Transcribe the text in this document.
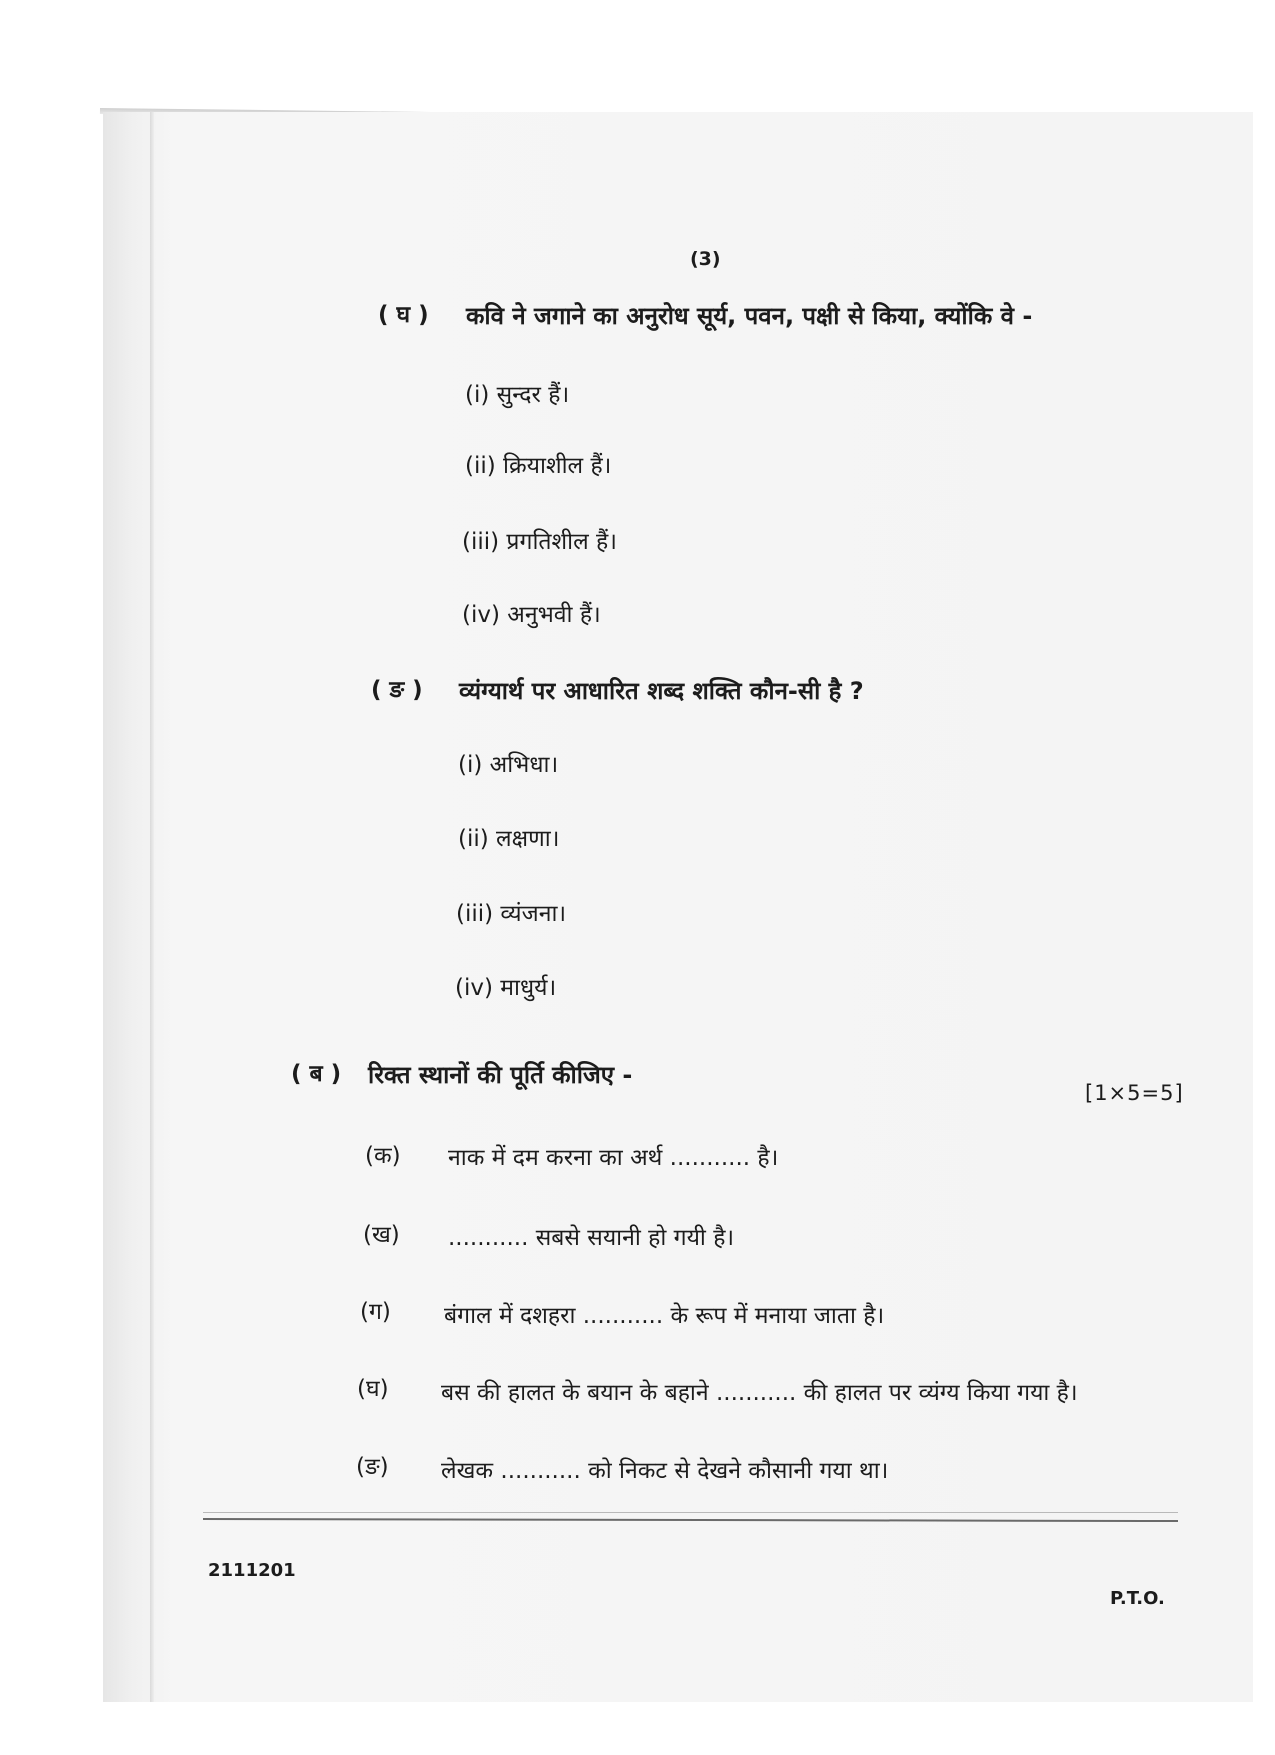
(3)
( घ ) कवि ने जगाने का अनुरोध सूर्य, पवन, पक्षी से किया, क्योंकि वे -
(i) सुन्दर हैं।
(ii) क्रियाशील हैं।
(iii) प्रगतिशील हैं।
(iv) अनुभवी हैं।
( ङ ) व्यंग्यार्थ पर आधारित शब्द शक्ति कौन-सी है ?
(i) अभिधा।
(ii) लक्षणा।
(iii) व्यंजना।
(iv) माधुर्य।
( ब ) रिक्त स्थानों की पूर्ति कीजिए -
[1×5=5]
(क) नाक में दम करना का अर्थ ........... है।
(ख) ........... सबसे सयानी हो गयी है।
(ग) बंगाल में दशहरा ........... के रूप में मनाया जाता है।
(घ) बस की हालत के बयान के बहाने ........... की हालत पर व्यंग्य किया गया है।
(ङ) लेखक ........... को निकट से देखने कौसानी गया था।
2111201
P.T.O.
